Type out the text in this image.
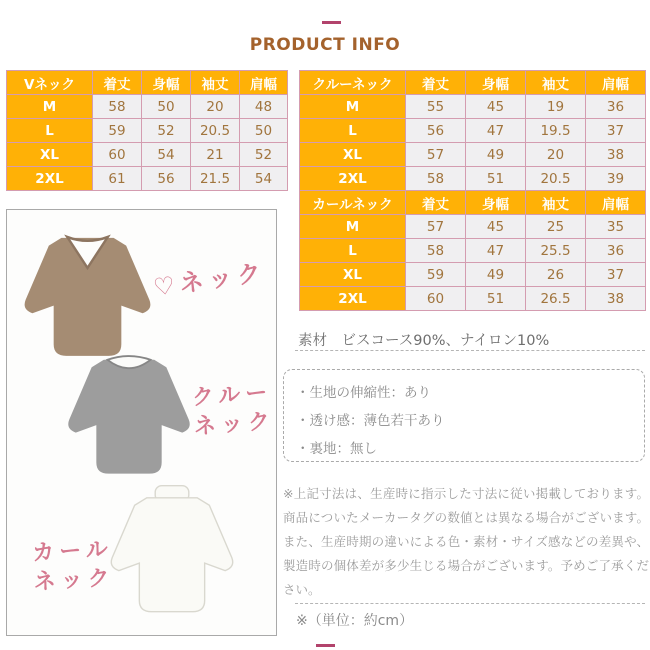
PRODUCT INFO
Vネック	着丈	身幅	袖丈	肩幅
M	58	50	20	48
L	59	52	20.5	50
XL	60	54	21	52
2XL	61	56	21.5	54
クルーネック	着丈	身幅	袖丈	肩幅
M	55	45	19	36
L	56	47	19.5	37
XL	57	49	20	38
2XL	58	51	20.5	39
カールネック	着丈	身幅	袖丈	肩幅
M	57	45	25	35
L	58	47	25.5	36
XL	59	49	26	37
2XL	60	51	26.5	38
♡ネック
クルー
ネック
カール
ネック
素材　ビスコース90%、ナイロン10%
・生地の伸縮性：あり
・透け感：薄色若干あり
・裏地：無し
※上記寸法は、生産時に指示した寸法に従い掲載しております。商品についたメーカータグの数値とは異なる場合がございます。また、生産時期の違いによる色・素材・サイズ感などの差異や、製造時の個体差が多少生じる場合がございます。予めご了承ください。
※（単位：約cm）
